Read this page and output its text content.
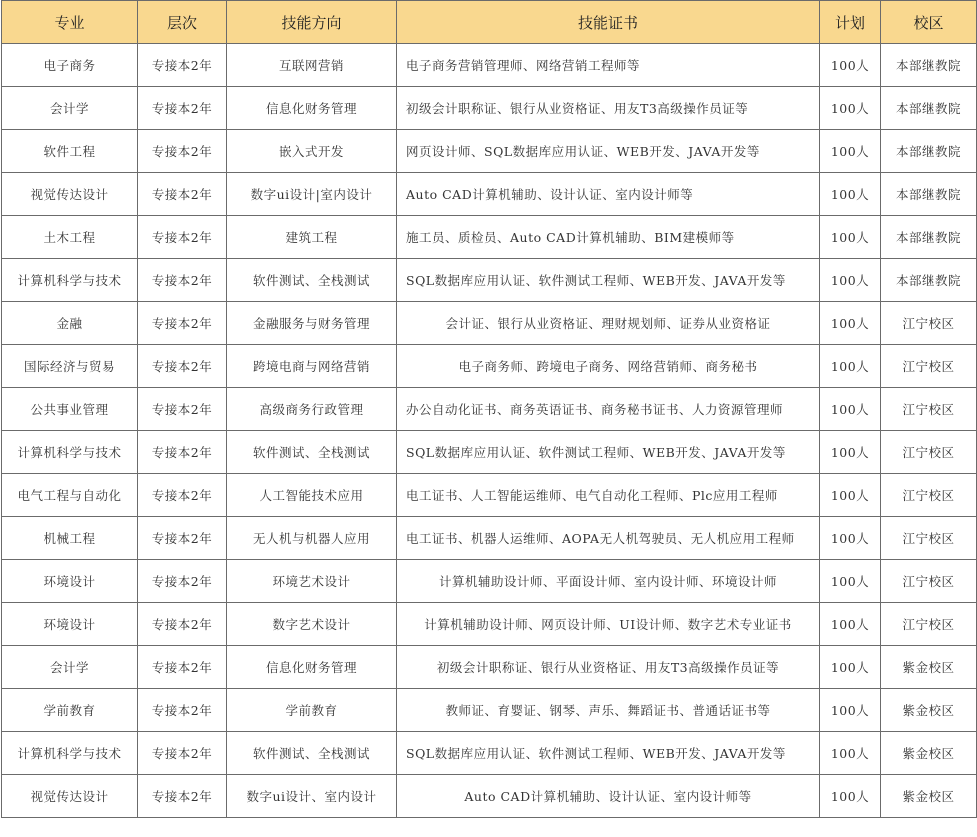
专业	层次	技能方向	技能证书	计划	校区
电子商务	专接本2年	互联网营销	电子商务营销管理师、网络营销工程师等	100人	本部继教院
会计学	专接本2年	信息化财务管理	初级会计职称证、银行从业资格证、用友T3高级操作员证等	100人	本部继教院
软件工程	专接本2年	嵌入式开发	网页设计师、SQL数据库应用认证、WEB开发、JAVA开发等	100人	本部继教院
视觉传达设计	专接本2年	数字ui设计|室内设计	Auto CAD计算机辅助、设计认证、室内设计师等	100人	本部继教院
土木工程	专接本2年	建筑工程	施工员、质检员、Auto CAD计算机辅助、BIM建模师等	100人	本部继教院
计算机科学与技术	专接本2年	软件测试、全栈测试	SQL数据库应用认证、软件测试工程师、WEB开发、JAVA开发等	100人	本部继教院
金融	专接本2年	金融服务与财务管理	会计证、银行从业资格证、理财规划师、证券从业资格证	100人	江宁校区
国际经济与贸易	专接本2年	跨境电商与网络营销	电子商务师、跨境电子商务、网络营销师、商务秘书	100人	江宁校区
公共事业管理	专接本2年	高级商务行政管理	办公自动化证书、商务英语证书、商务秘书证书、人力资源管理师	100人	江宁校区
计算机科学与技术	专接本2年	软件测试、全栈测试	SQL数据库应用认证、软件测试工程师、WEB开发、JAVA开发等	100人	江宁校区
电气工程与自动化	专接本2年	人工智能技术应用	电工证书、人工智能运维师、电气自动化工程师、Plc应用工程师	100人	江宁校区
机械工程	专接本2年	无人机与机器人应用	电工证书、机器人运维师、AOPA无人机驾驶员、无人机应用工程师	100人	江宁校区
环境设计	专接本2年	环境艺术设计	计算机辅助设计师、平面设计师、室内设计师、环境设计师	100人	江宁校区
环境设计	专接本2年	数字艺术设计	计算机辅助设计师、网页设计师、UI设计师、数字艺术专业证书	100人	江宁校区
会计学	专接本2年	信息化财务管理	初级会计职称证、银行从业资格证、用友T3高级操作员证等	100人	紫金校区
学前教育	专接本2年	学前教育	教师证、育婴证、钢琴、声乐、舞蹈证书、普通话证书等	100人	紫金校区
计算机科学与技术	专接本2年	软件测试、全栈测试	SQL数据库应用认证、软件测试工程师、WEB开发、JAVA开发等	100人	紫金校区
视觉传达设计	专接本2年	数字ui设计、室内设计	Auto CAD计算机辅助、设计认证、室内设计师等	100人	紫金校区
